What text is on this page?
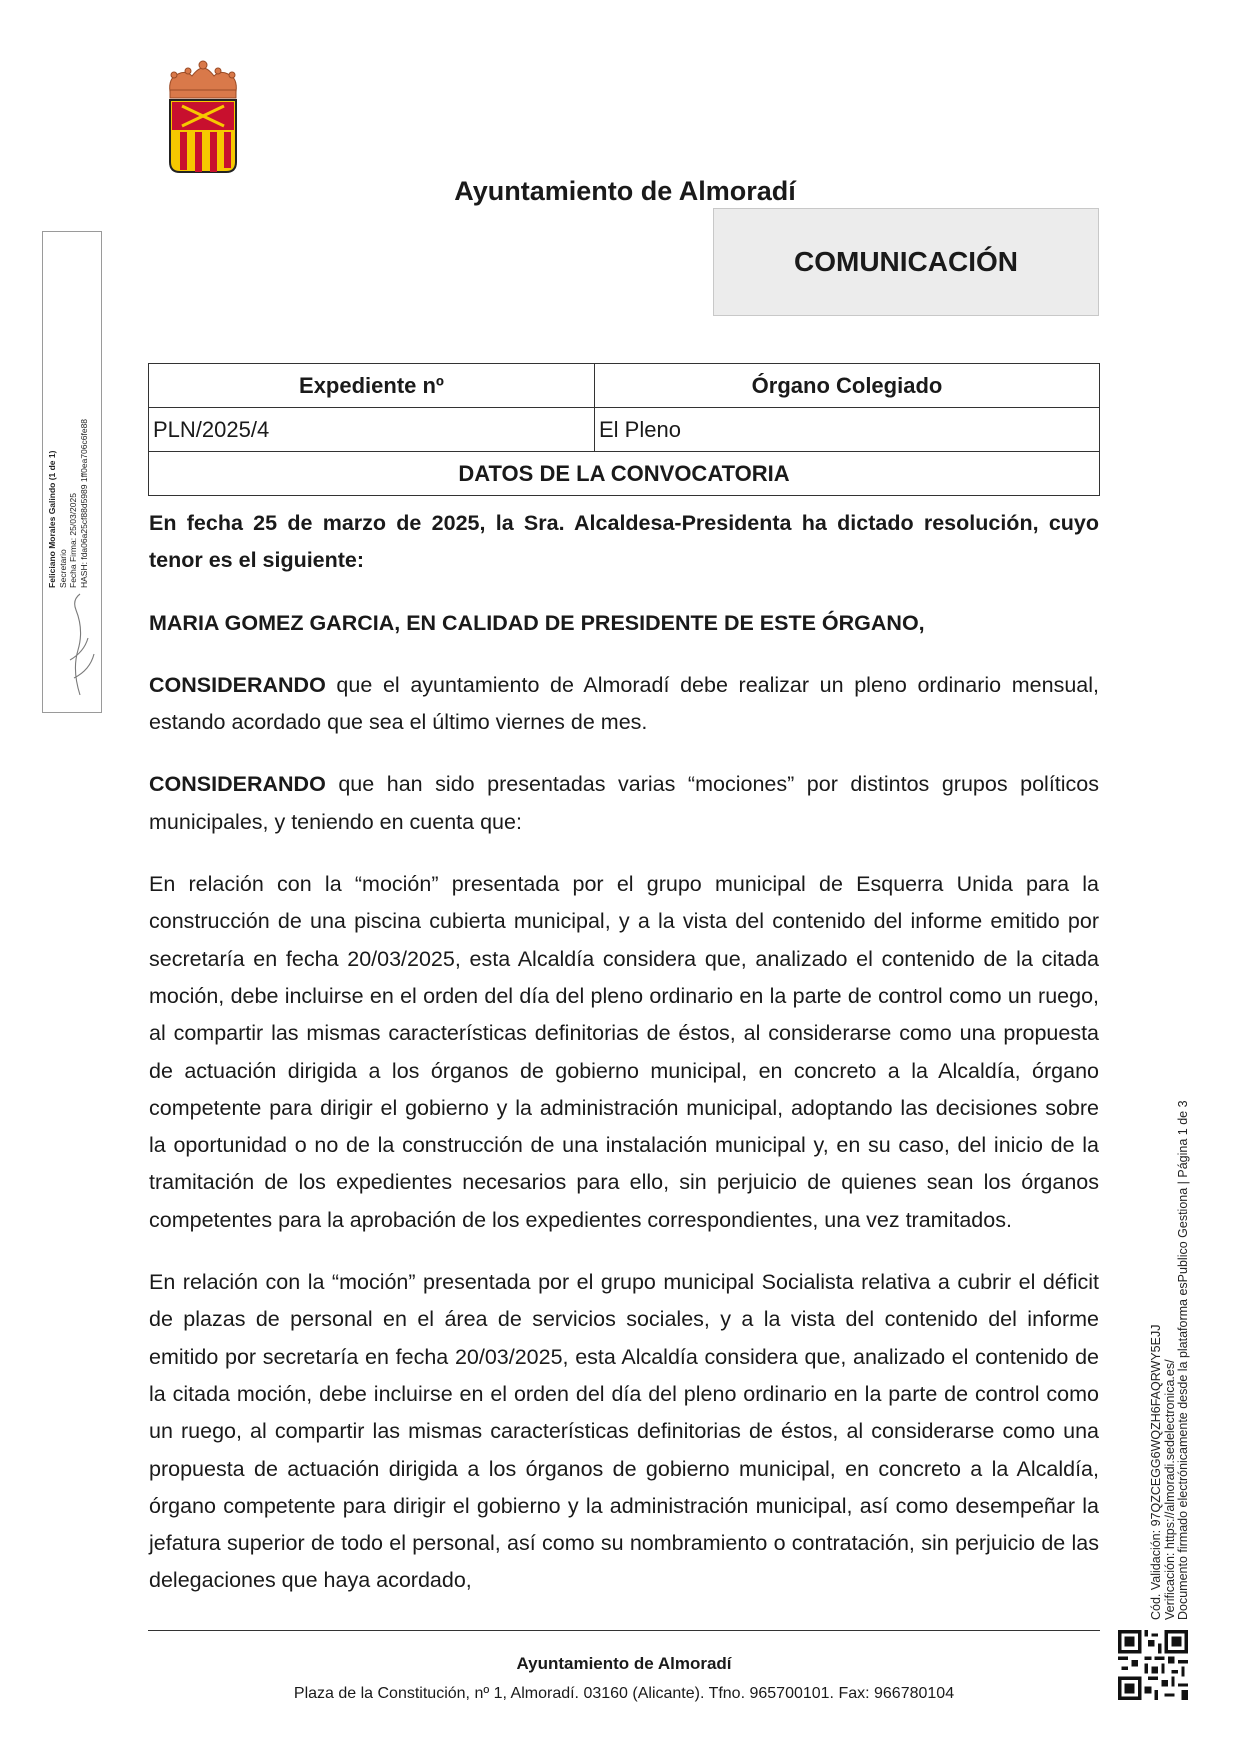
Ayuntamiento de Almoradí
COMUNICACIÓN
Feliciano Morales Galindo (1 de 1) Secretario Fecha Firma: 25/03/2025 HASH: fda06a25cf88d5989 1ff0ea706c6fe88
Expediente nº	Órgano Colegiado
PLN/2025/4	El Pleno
DATOS DE LA CONVOCATORIA	

En fecha 25 de marzo de 2025, la Sra. Alcaldesa-Presidenta ha dictado resolución, cuyo tenor es el siguiente:

MARIA GOMEZ GARCIA, EN CALIDAD DE PRESIDENTE DE ESTE ÓRGANO,

CONSIDERANDO que el ayuntamiento de Almoradí debe realizar un pleno ordinario mensual, estando acordado que sea el último viernes de mes.

CONSIDERANDO que han sido presentadas varias “mociones” por distintos grupos políticos municipales, y teniendo en cuenta que:

En relación con la “moción” presentada por el grupo municipal de Esquerra Unida para la construcción de una piscina cubierta municipal, y a la vista del contenido del informe emitido por secretaría en fecha 20/03/2025, esta Alcaldía considera que, analizado el contenido de la citada moción, debe incluirse en el orden del día del pleno ordinario en la parte de control como un ruego, al compartir las mismas características definitorias de éstos, al considerarse como una propuesta de actuación dirigida a los órganos de gobierno municipal, en concreto a la Alcaldía, órgano competente para dirigir el gobierno y la administración municipal, adoptando las decisiones sobre la oportunidad o no de la construcción de una instalación municipal y, en su caso, del inicio de la tramitación de los expedientes necesarios para ello, sin perjuicio de quienes sean los órganos competentes para la aprobación de los expedientes correspondientes, una vez tramitados.

En relación con la “moción” presentada por el grupo municipal Socialista relativa a cubrir el déficit de plazas de personal en el área de servicios sociales, y a la vista del contenido del informe emitido por secretaría en fecha 20/03/2025, esta Alcaldía considera que, analizado el contenido de la citada moción, debe incluirse en el orden del día del pleno ordinario en la parte de control como un ruego, al compartir las mismas características definitorias de éstos, al considerarse como una propuesta de actuación dirigida a los órganos de gobierno municipal, en concreto a la Alcaldía, órgano competente para dirigir el gobierno y la administración municipal, así como desempeñar la jefatura superior de todo el personal, así como su nombramiento o contratación, sin perjuicio de las delegaciones que haya acordado,

Ayuntamiento de Almoradí
Plaza de la Constitución, nº 1, Almoradí. 03160 (Alicante). Tfno. 965700101. Fax: 966780104
Cód. Validación: 97QZCEGG6WQZH6FAQRWY5EJJ Verificación: https://almoradi.sedelectronica.es/ Documento firmado electrónicamente desde la plataforma esPublico Gestiona | Página 1 de 3
